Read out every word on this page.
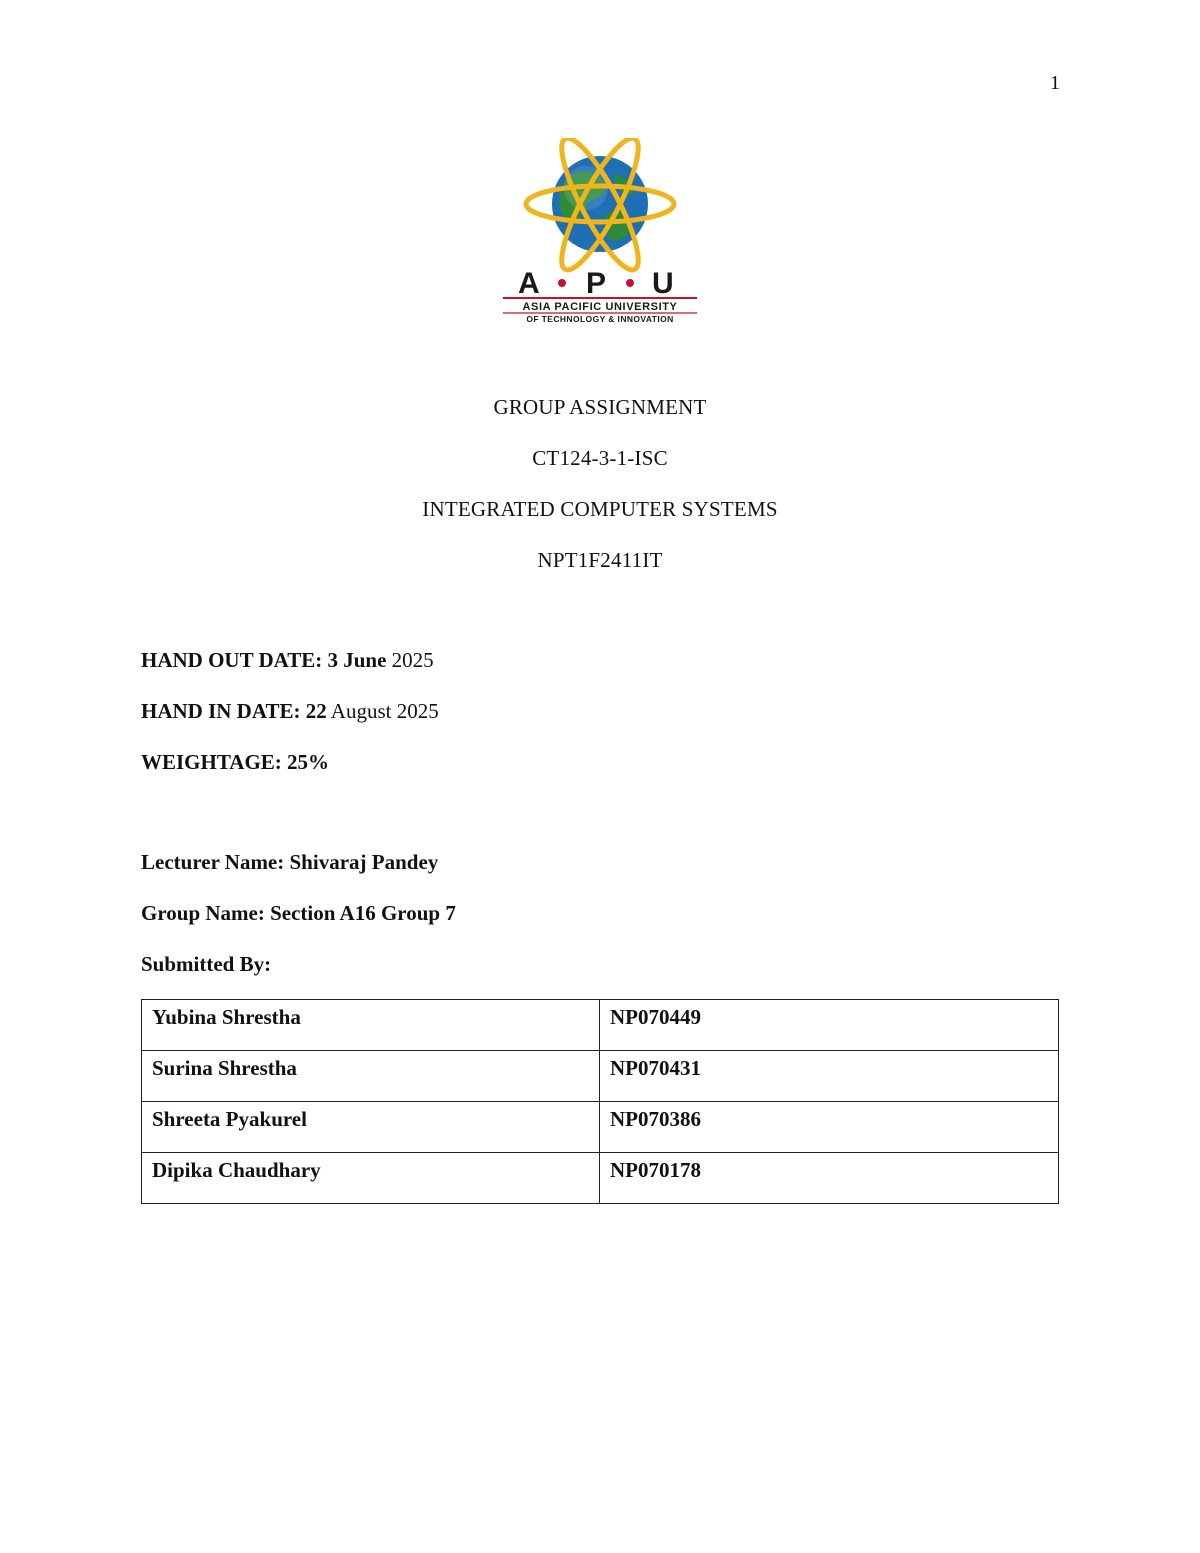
1
A P U
ASIA PACIFIC UNIVERSITY
OF TECHNOLOGY & INNOVATION
GROUP ASSIGNMENT
CT124-3-1-ISC
INTEGRATED COMPUTER SYSTEMS
NPT1F2411IT
HAND OUT DATE: 3 June 2025
HAND IN DATE: 22 August 2025
WEIGHTAGE: 25%
Lecturer Name: Shivaraj Pandey
Group Name: Section A16 Group 7
Submitted By:
Yubina Shrestha	NP070449
Surina Shrestha	NP070431
Shreeta Pyakurel	NP070386
Dipika Chaudhary	NP070178
